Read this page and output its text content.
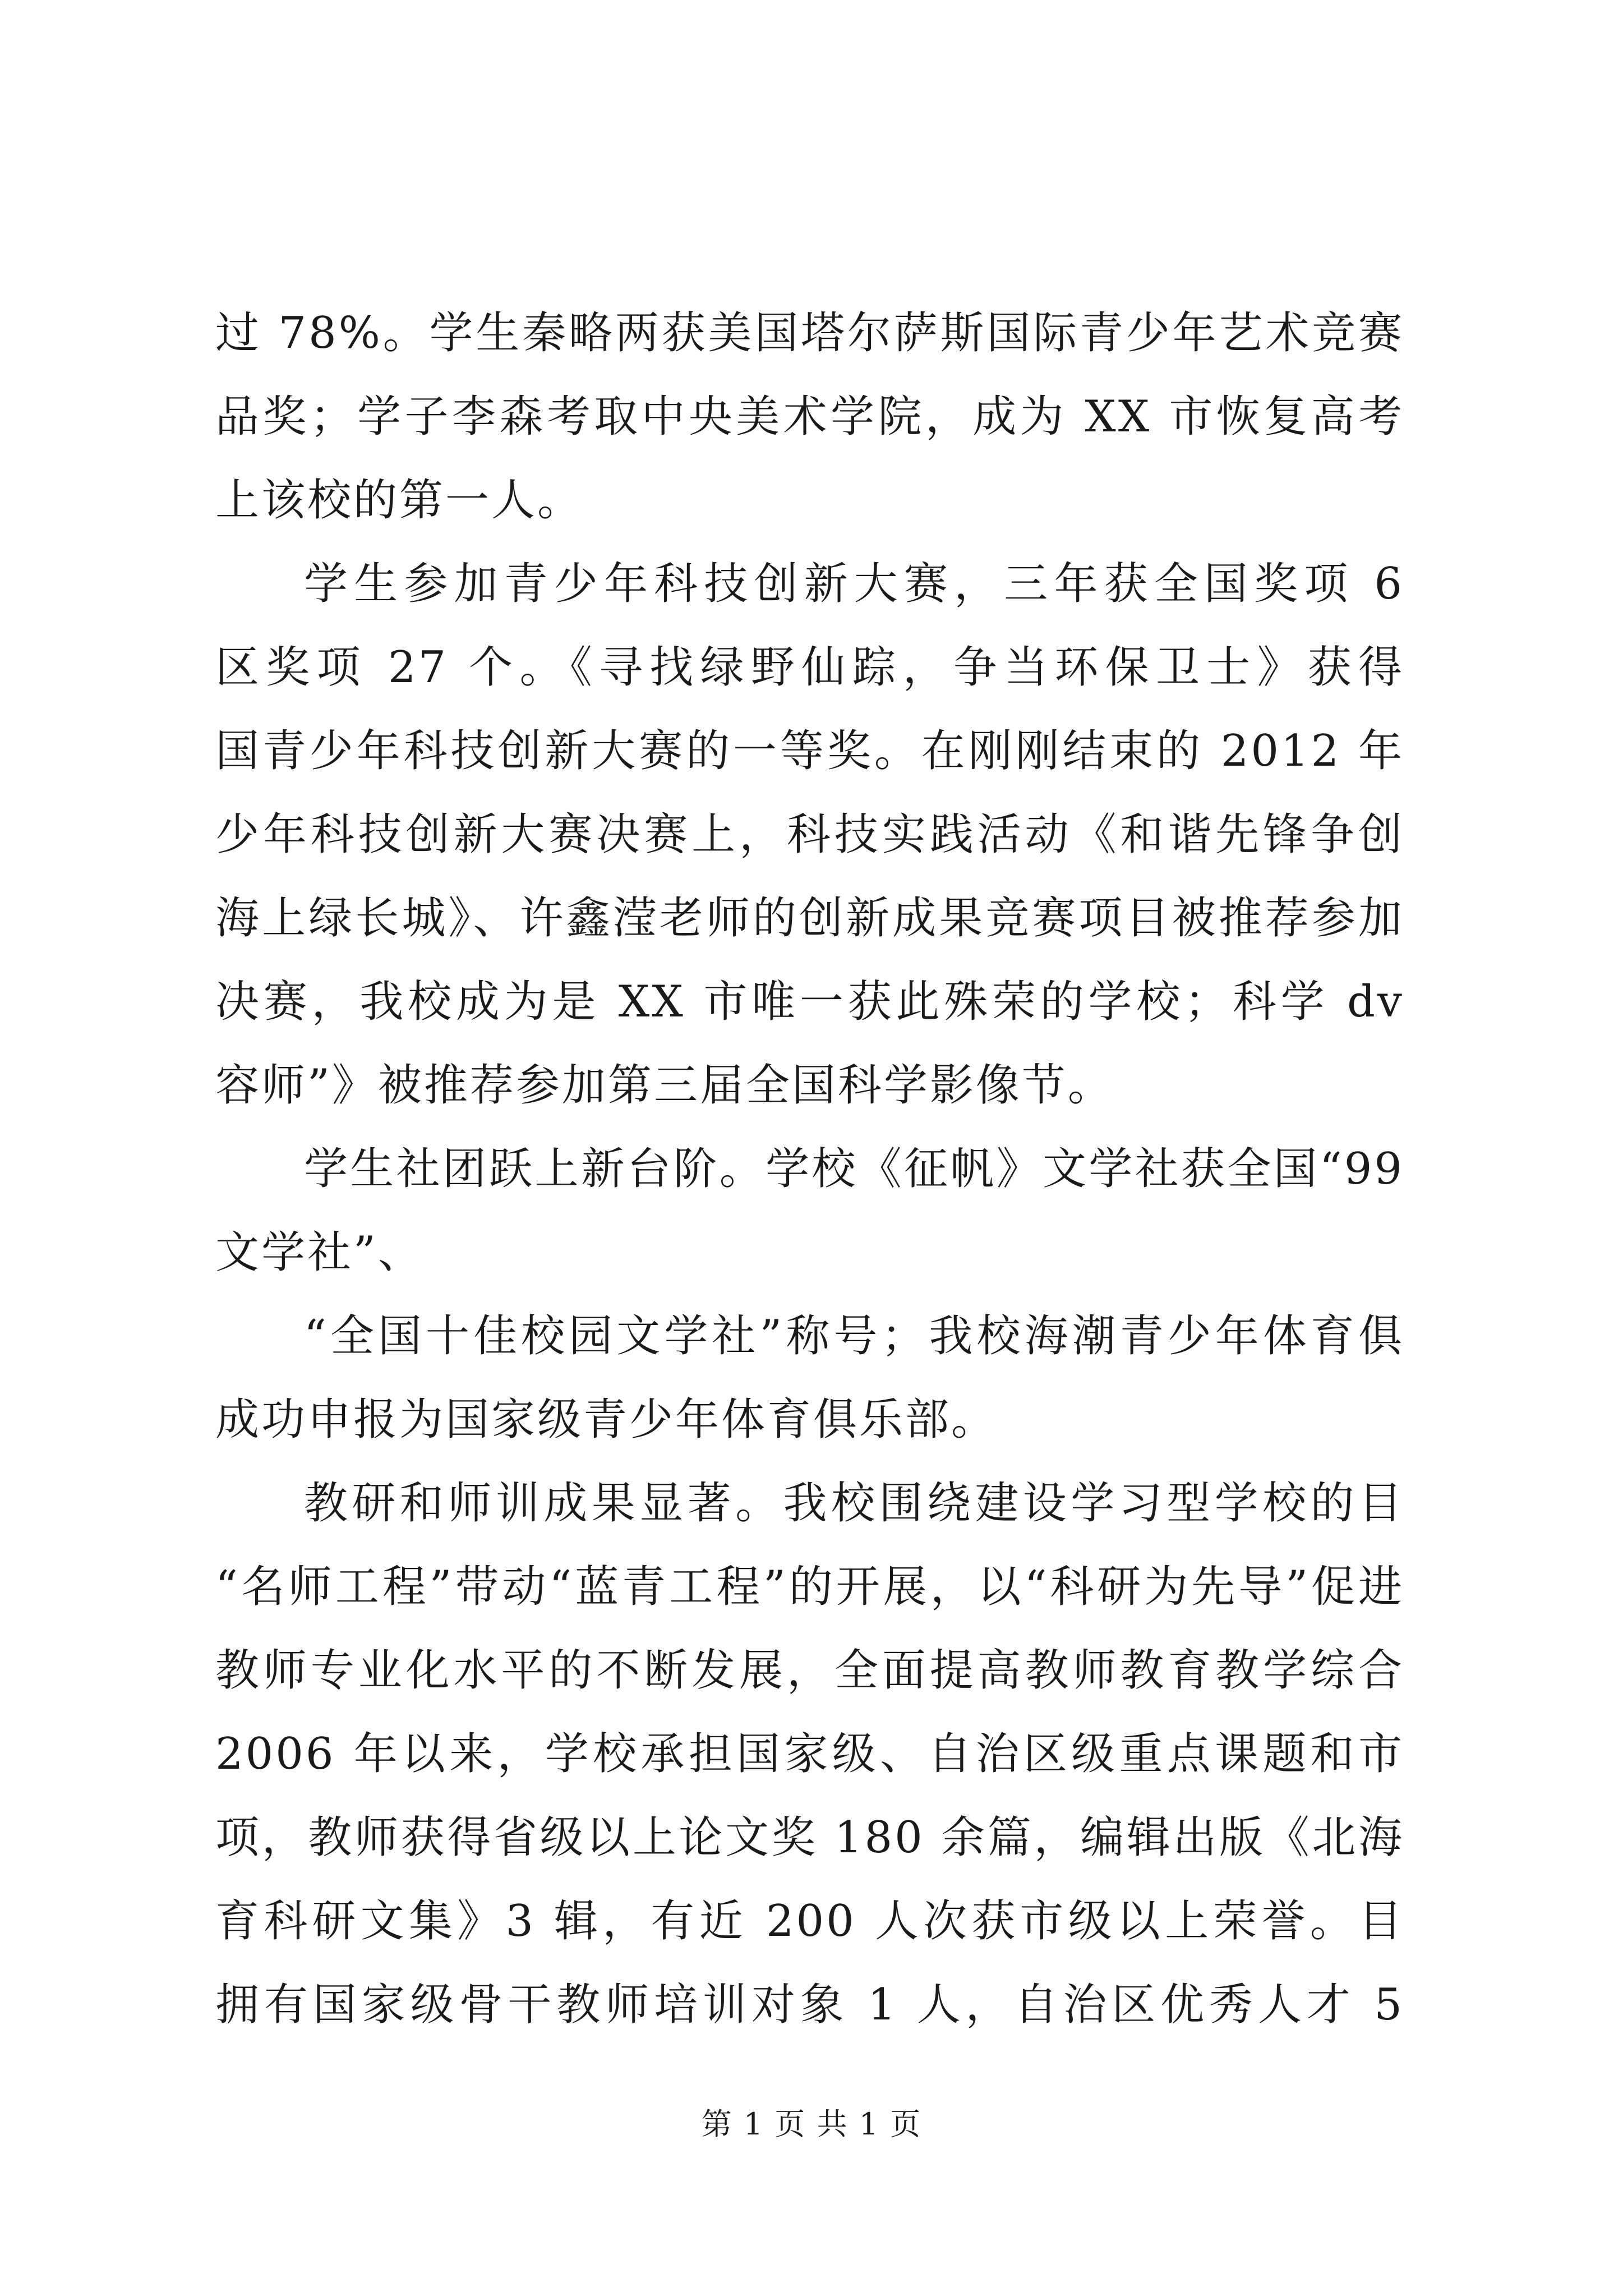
过 78%。学生秦略两获美国塔尔萨斯国际青少年艺术竞赛
品奖；学子李森考取中央美术学院，成为 XX 市恢复高考
上该校的第一人。
学生参加青少年科技创新大赛，三年获全国奖项 6
区奖项 27 个。《寻找绿野仙踪，争当环保卫士》获得
国青少年科技创新大赛的一等奖。在刚刚结束的 2012 年
少年科技创新大赛决赛上，科技实践活动《和谐先锋争创
海上绿长城》、许鑫滢老师的创新成果竞赛项目被推荐参加
决赛，我校成为是 XX 市唯一获此殊荣的学校；科学 dv
容师”》被推荐参加第三届全国科学影像节。
学生社团跃上新台阶。学校《征帆》文学社获全国“99
文学社”、
“全国十佳校园文学社”称号；我校海潮青少年体育俱
成功申报为国家级青少年体育俱乐部。
教研和师训成果显著。我校围绕建设学习型学校的目
“名师工程”带动“蓝青工程”的开展，以“科研为先导”促进
教师专业化水平的不断发展，全面提高教师教育教学综合
2006 年以来，学校承担国家级、自治区级重点课题和市
项，教师获得省级以上论文奖 180 余篇，编辑出版《北海
育科研文集》3 辑，有近 200 人次获市级以上荣誉。目
拥有国家级骨干教师培训对象 1 人，自治区优秀人才 5
第 1 页 共 1 页
